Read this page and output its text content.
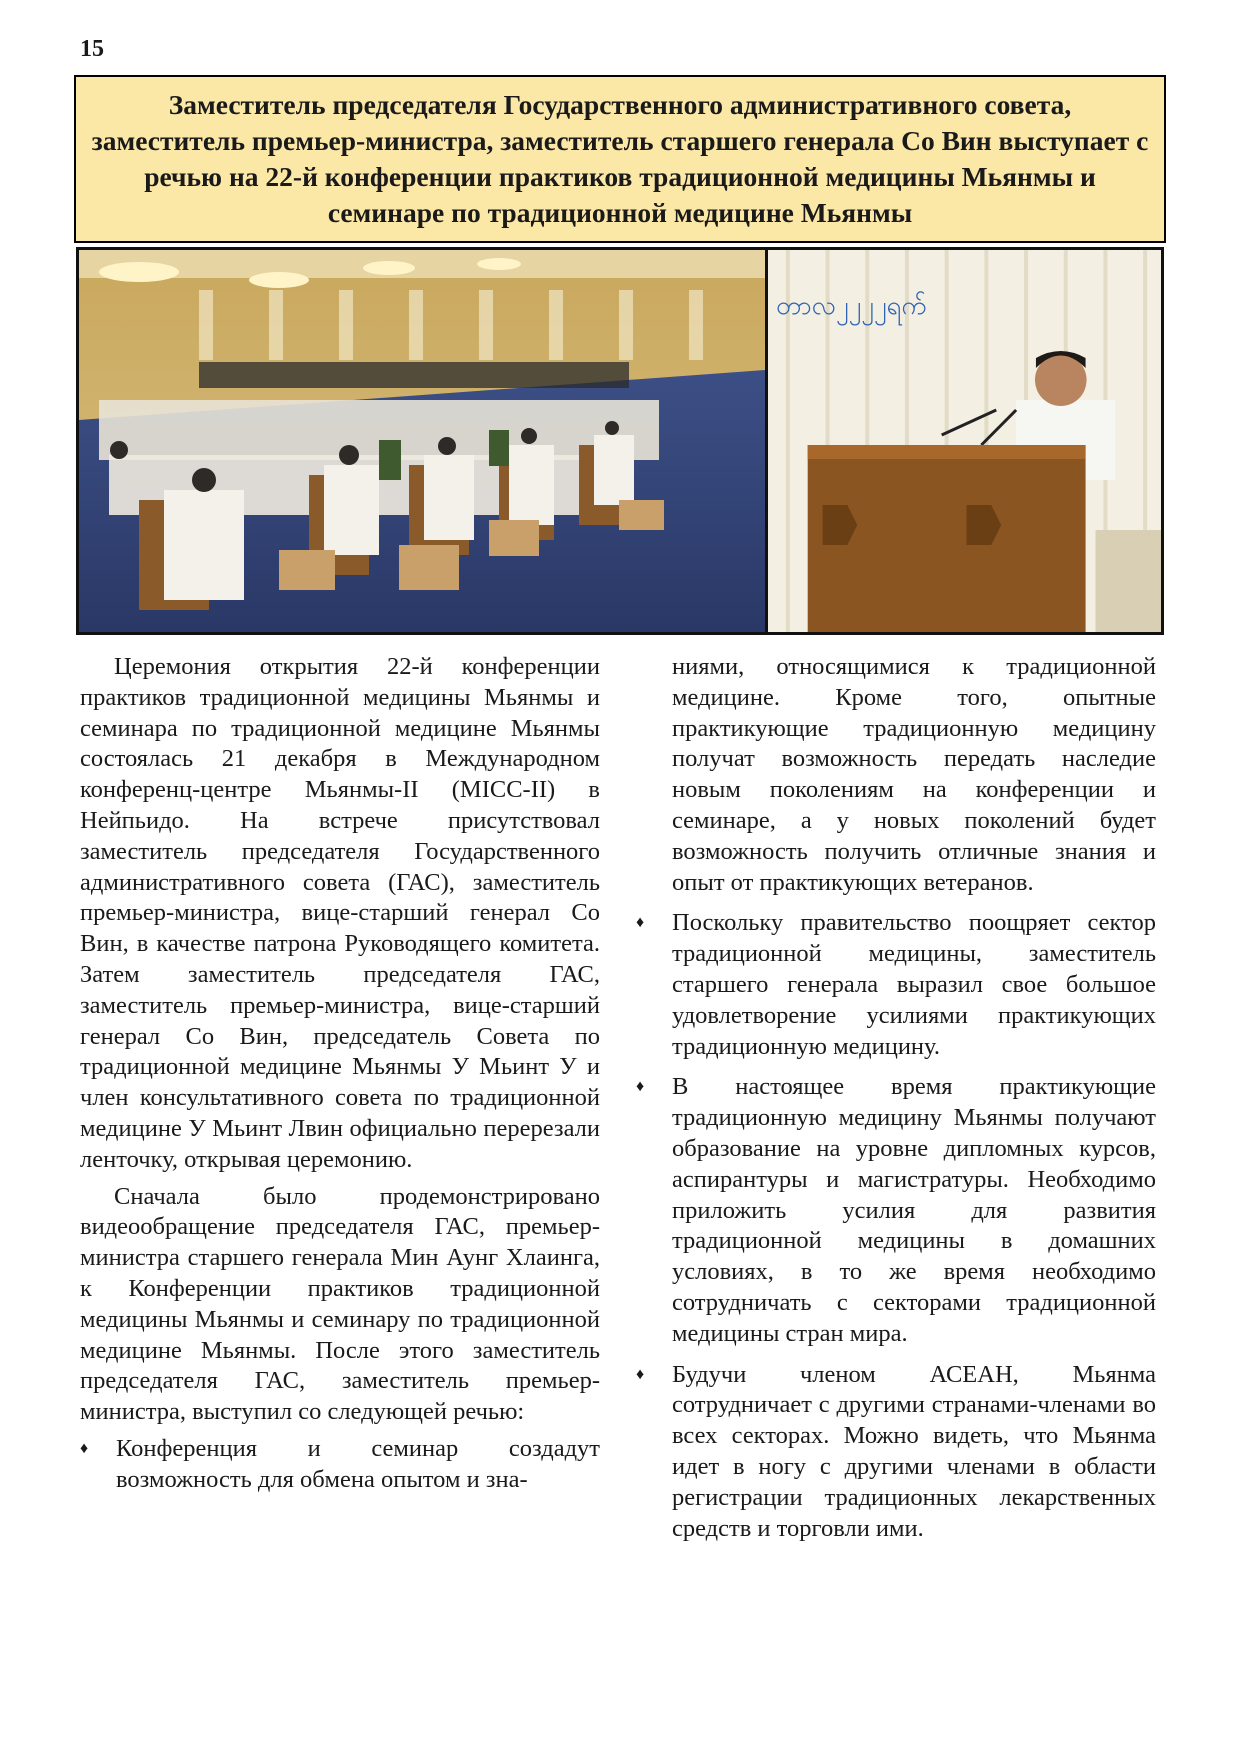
15
Заместитель председателя Государственного административного совета, заместитель премьер-министра, заместитель старшего генерала Со Вин выступает с речью на 22-й конференции практиков традиционной медицины Мьянмы и семинаре по традиционной медицине Мьянмы
တာလ၂၂၂၂ရက်

Церемония открытия 22-й конференции практиков традиционной медицины Мьянмы и семинара по традиционной медицине Мьянмы состоялась 21 декабря в Международном конференц-центре Мьянмы-II (MICC-II) в Нейпьидо. На встрече присутствовал заместитель председателя Государственного административного совета (ГАС), заместитель премьер-министра, вице-старший генерал Со Вин, в качестве патрона Руководящего комитета. Затем заместитель председателя ГАС, заместитель премьер-министра, вице-старший генерал Со Вин, председатель Совета по традиционной медицине Мьянмы У Мьинт У и член консультативного совета по традиционной медицине У Мьинт Лвин официально перерезали ленточку, открывая церемонию.

Сначала было продемонстрировано видеообращение председателя ГАС, премьер-министра старшего генерала Мин Аунг Хлаинга, к Конференции практиков традиционной медицины Мьянмы и семинару по традиционной медицине Мьянмы. После этого заместитель председателя ГАС, заместитель премьер-министра, выступил со следующей речью:

♦ Конференция и семинар создадут возможность для обмена опытом и зна-
ниями, относящимися к традиционной медицине. Кроме того, опытные практикующие традиционную медицину получат возможность передать наследие новым поколениям на конференции и семинаре, а у новых поколений будет возможность получить отличные знания и опыт от практикующих ветеранов.
♦ Поскольку правительство поощряет сектор традиционной медицины, заместитель старшего генерала выразил свое большое удовлетворение усилиями практикующих традиционную медицину.
♦ В настоящее время практикующие традиционную медицину Мьянмы получают образование на уровне дипломных курсов, аспирантуры и магистратуры. Необходимо приложить усилия для развития традиционной медицины в домашних условиях, в то же время необходимо сотрудничать с секторами традиционной медицины стран мира.
♦ Будучи членом АСЕАН, Мьянма сотрудничает с другими странами-членами во всех секторах. Можно видеть, что Мьянма идет в ногу с другими членами в области регистрации традиционных лекарственных средств и торговли ими.
